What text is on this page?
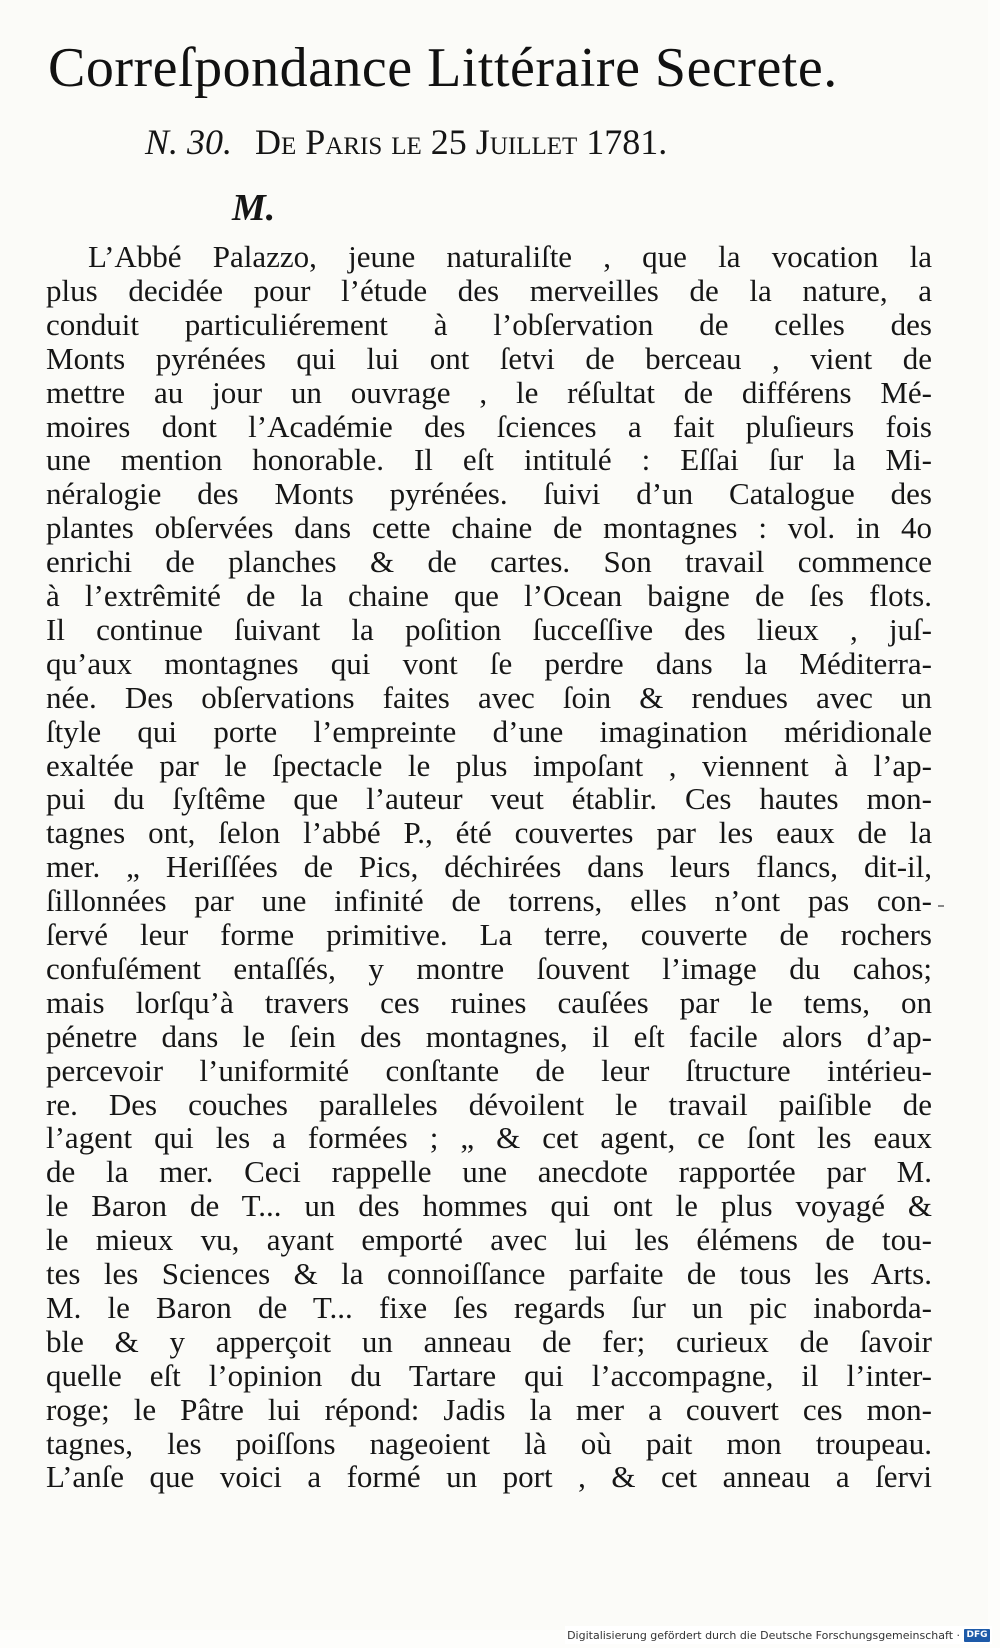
Correſpondance Littéraire Secrete.
N. 30. De Paris le 25 Juillet 1781.
M.
L’Abbé Palazzo, jeune naturaliſte , que la vocation la
plus decidée pour l’étude des merveilles de la nature, a
conduit particuliérement à l’obſervation de celles des
Monts pyrénées qui lui ont ſetvi de berceau , vient de
mettre au jour un ouvrage , le réſultat de différens Mé-
moires dont l’Académie des ſciences a fait pluſieurs fois
une mention honorable. Il eſt intitulé : Eſſai ſur la Mi-
néralogie des Monts pyrénées. ſuivi d’un Catalogue des
plantes obſervées dans cette chaine de montagnes : vol. in 4o
enrichi de planches & de cartes. Son travail commence
à l’extrêmité de la chaine que l’Ocean baigne de ſes flots.
Il continue ſuivant la poſition ſucceſſive des lieux , juſ-
qu’aux montagnes qui vont ſe perdre dans la Méditerra-
née. Des obſervations faites avec ſoin & rendues avec un
ſtyle qui porte l’empreinte d’une imagination méridionale
exaltée par le ſpectacle le plus impoſant , viennent à l’ap-
pui du ſyſtême que l’auteur veut établir. Ces hautes mon-
tagnes ont, ſelon l’abbé P., été couvertes par les eaux de la
mer. „ Heriſſées de Pics, déchirées dans leurs flancs, dit-il,
ſillonnées par une infinité de torrens, elles n’ont pas con-
ſervé leur forme primitive. La terre, couverte de rochers
confuſément entaſſés, y montre ſouvent l’image du cahos;
mais lorſqu’à travers ces ruines cauſées par le tems, on
pénetre dans le ſein des montagnes, il eſt facile alors d’ap-
percevoir l’uniformité conſtante de leur ſtructure intérieu-
re. Des couches paralleles dévoilent le travail paiſible de
l’agent qui les a formées ; „ & cet agent, ce ſont les eaux
de la mer. Ceci rappelle une anecdote rapportée par M.
le Baron de T... un des hommes qui ont le plus voyagé &
le mieux vu, ayant emporté avec lui les élémens de tou-
tes les Sciences & la connoiſſance parfaite de tous les Arts.
M. le Baron de T... fixe ſes regards ſur un pic inaborda-
ble & y apperçoit un anneau de fer; curieux de ſavoir
quelle eſt l’opinion du Tartare qui l’accompagne, il l’inter-
roge; le Pâtre lui répond: Jadis la mer a couvert ces mon-
tagnes, les poiſſons nageoient là où pait mon troupeau.
L’anſe que voici a formé un port , & cet anneau a ſervi
Digitalisierung gefördert durch die Deutsche Forschungsgemeinschaft · DFG
